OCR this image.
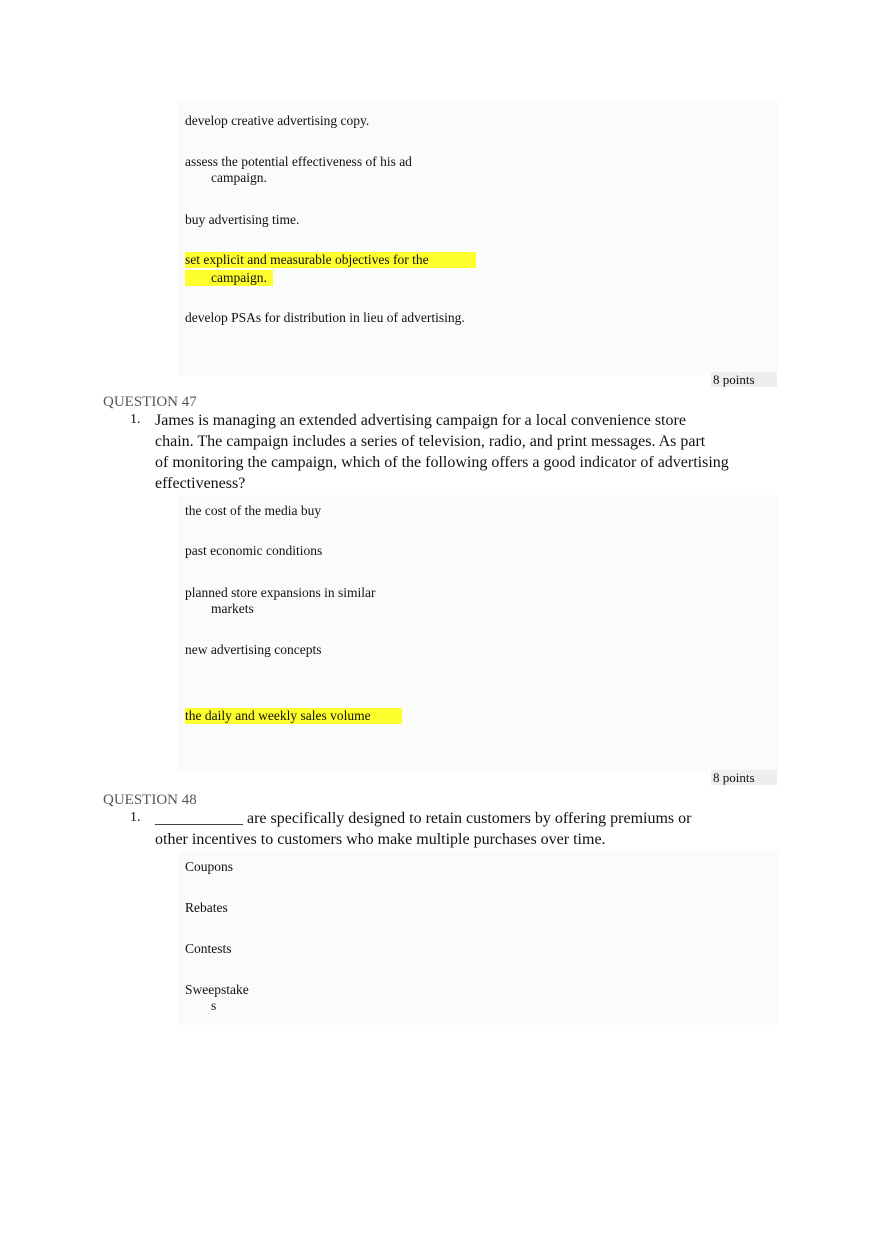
develop creative advertising copy.
assess the potential effectiveness of his ad
campaign.
buy advertising time.
set explicit and measurable objectives for the
campaign.
develop PSAs for distribution in lieu of advertising.
8 points
QUESTION 47
1. James is managing an extended advertising campaign for a local convenience store
chain. The campaign includes a series of television, radio, and print messages. As part
of monitoring the campaign, which of the following offers a good indicator of advertising
effectiveness?
the cost of the media buy
past economic conditions
planned store expansions in similar
markets
new advertising concepts
the daily and weekly sales volume
8 points
QUESTION 48
1. ___________ are specifically designed to retain customers by offering premiums or
other incentives to customers who make multiple purchases over time.
Coupons
Rebates
Contests
Sweepstake
s
